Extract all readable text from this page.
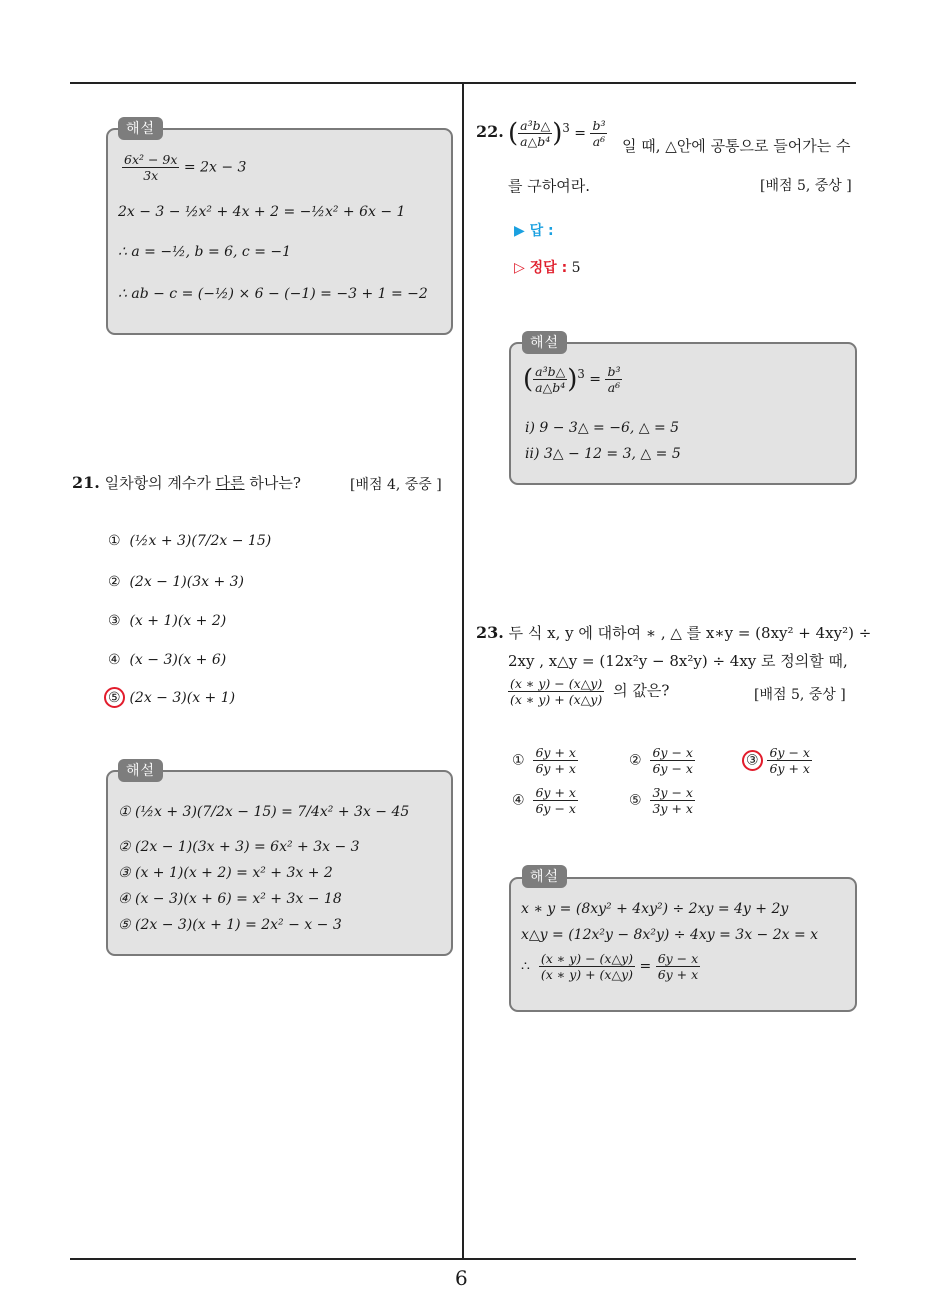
6
$\frac{\text{6x² − 9x}}{3x} = 2x - 3$
2x − 3 − ½x² + 4x + 2 = −½x² + 6x − 1
∴ a = −½, b = 6, c = −1
∴ ab − c = (−½) × 6 − (−1) = −3 + 1 = −2
해설
21. 일차항의 계수가 다른 하나는?	[배점 4, 중중 ]
① (½x + 3)(7/2x − 15)
② (2x − 1)(3x + 3)
③ (x + 1)(x + 2)
④ (x − 3)(x + 6)
⑤ (2x − 3)(x + 1)
① (½x + 3)(7/2x − 15) = 7/4x² + 3x − 45
② (2x − 1)(3x + 3) = 6x² + 3x − 3
③ (x + 1)(x + 2) = x² + 3x + 2
④ (x − 3)(x + 6) = x² + 3x − 18
⑤ (2x − 3)(x + 1) = 2x² − x − 3
해설
22. ( $\frac{\text{a³b△}}{\text{a△b⁴}} )^3 = \frac{\text{b³}}{\text{a⁶}}$ 일 때, △안에 공통으로 들어가는 수
를 구하여라.	[배점 5, 중상 ]
▶ 답 :
▷ 정답 : 5
( $\frac{\text{a³b△}}{\text{a△b⁴}} )^3 = \frac{\text{b³}}{\text{a⁶}}$
ⅰ) 9 − 3△ = −6, △ = 5
ⅱ) 3△ − 12 = 3, △ = 5
해설
23. 두 식 x, y 에 대하여 ∗ , △ 를 x∗y = (8xy² + 4xy²) ÷
2xy , x△y = (12x²y − 8x²y) ÷ 4xy 로 정의할 때,
$\frac{(x ∗ y) - (x\triangle y)}{(x ∗ y) + (x\triangle y)}$ 의 값은?	[배점 5, 중상 ]
① $\frac{6y + x}{6y + x}$	② $\frac{6y - x}{6y - x}$	③ $\frac{6y - x}{6y + x}$
④ $\frac{6y + x}{6y - x}$	⑤ $\frac{3y - x}{3y + x}$
x ∗ y = (8xy² + 4xy²) ÷ 2xy = 4y + 2y
x△y = (12x²y − 8x²y) ÷ 4xy = 3x − 2x = x
∴ $\frac{(x ∗ y) - (x\triangle y)}{(x ∗ y) + (x\triangle y)} = \frac{6y - x}{6y + x}$
해설
